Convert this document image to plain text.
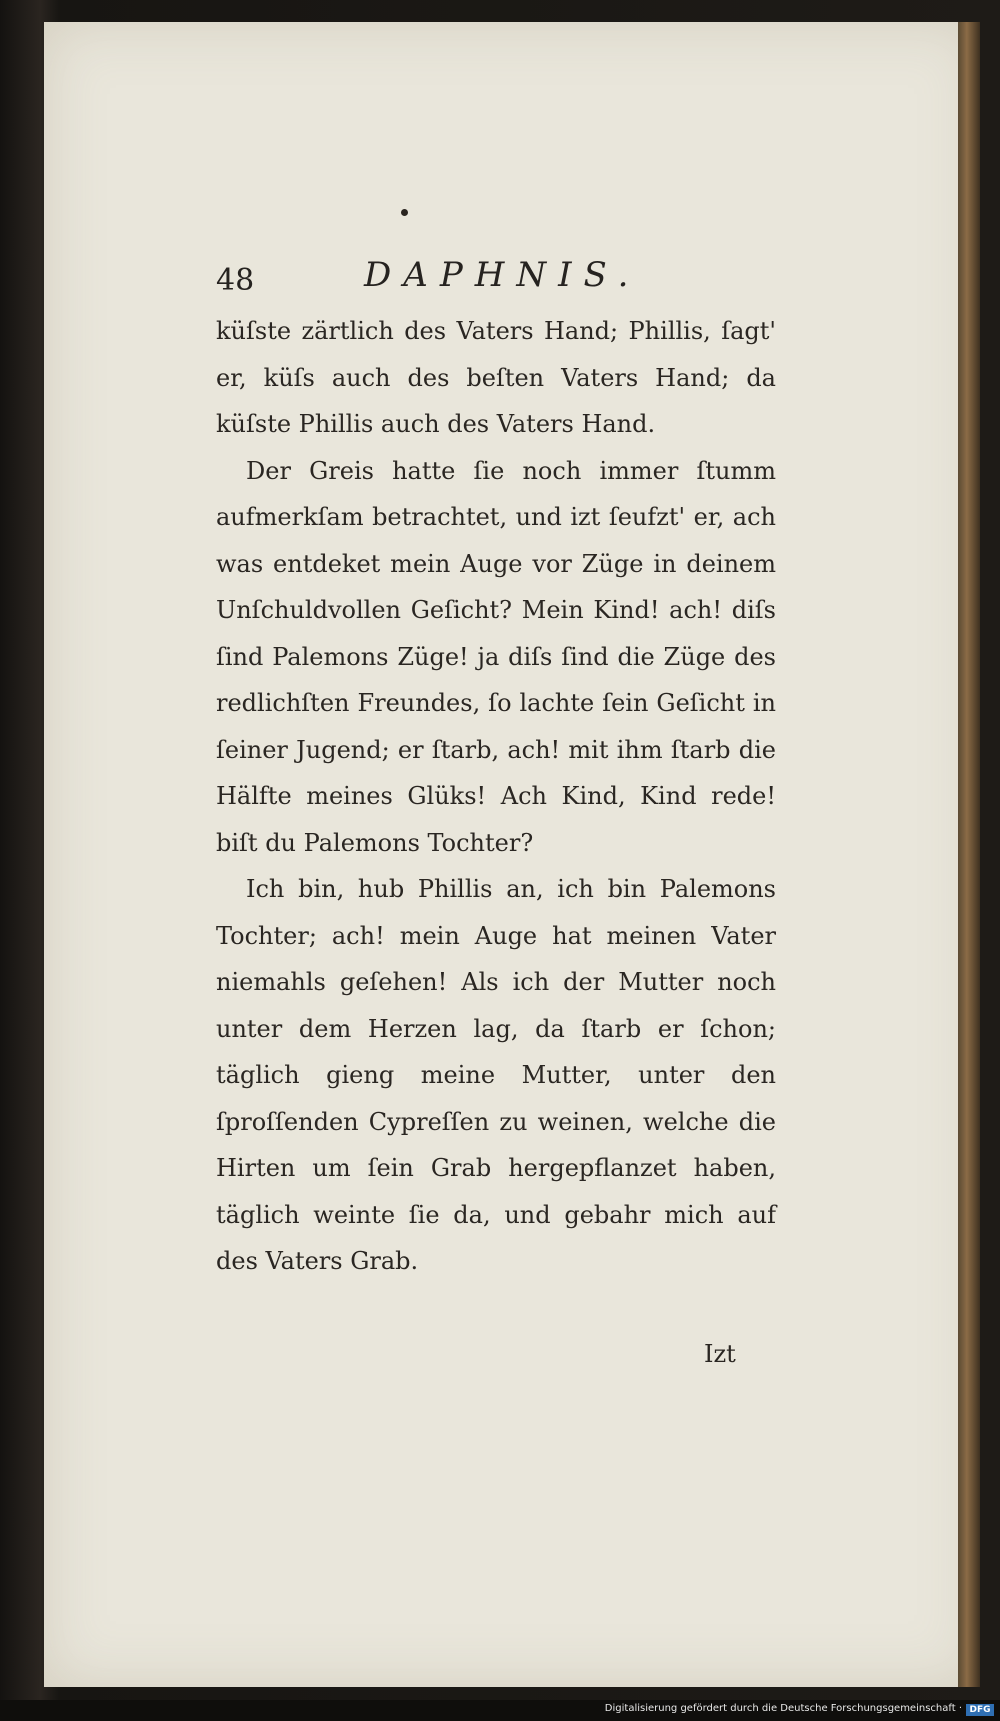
48	DAPHNIS.

küſste zärtlich des Vaters Hand; Phillis, ſagt' er, küſs auch des beſten Vaters Hand; da küſste Phillis auch des Vaters Hand.

Der Greis hatte ſie noch immer ſtumm aufmerkſam betrachtet, und izt ſeufzt' er, ach was entdeket mein Auge vor Züge in deinem Unſchuldvollen Geſicht? Mein Kind! ach! diſs ſind Palemons Züge! ja diſs ſind die Züge des redlichſten Freundes, ſo lachte ſein Geſicht in ſeiner Jugend; er ſtarb, ach! mit ihm ſtarb die Hälfte meines Glüks! Ach Kind, Kind rede! biſt du Palemons Tochter?

Ich bin, hub Phillis an, ich bin Palemons Tochter; ach! mein Auge hat meinen Vater niemahls geſehen! Als ich der Mutter noch unter dem Herzen lag, da ſtarb er ſchon; täglich gieng meine Mutter, unter den ſproſſenden Cypreſſen zu weinen, welche die Hirten um ſein Grab hergepflanzet haben, täglich weinte ſie da, und gebahr mich auf des Vaters Grab.

Izt
Digitalisierung gefördert durch die Deutsche Forschungsgemeinschaft · DFG
